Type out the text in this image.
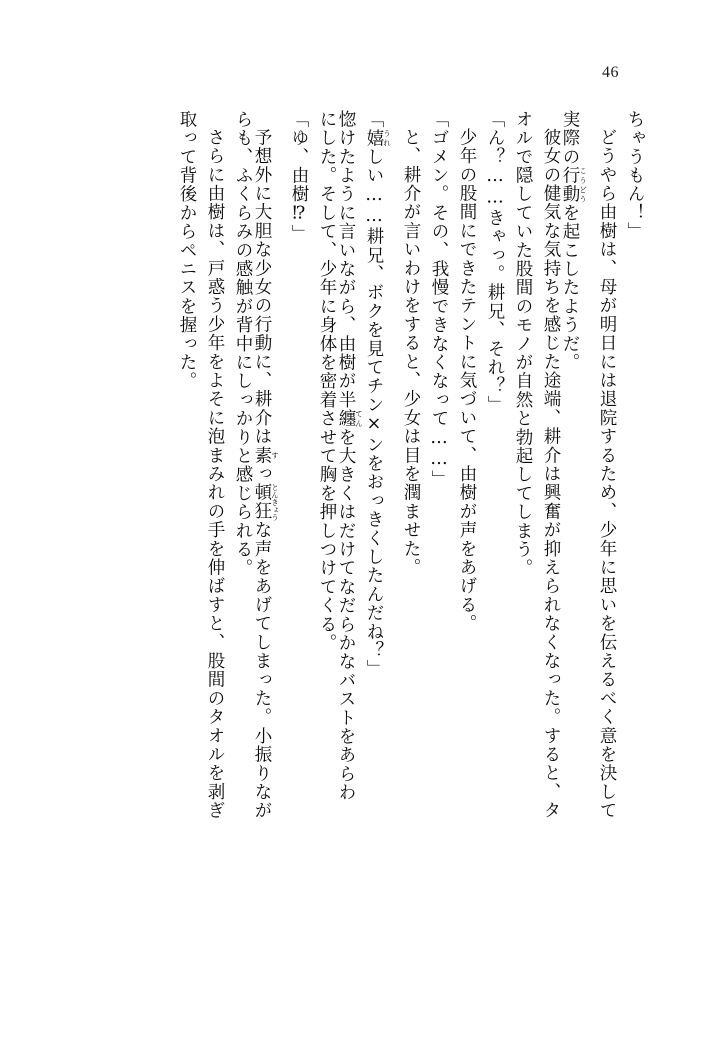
46
ちゃうもん！」
どうやら由樹は、母が明日には退院するため、少年に思いを伝えるべく意を決して
実際の行動こうどうを起こしたようだ。
彼女の健気な気持ちを感じた途端、耕介は興奮が抑えられなくなった。すると、タ
オルで隠していた股間のモノが自然と勃起してしまう。
「ん？……きゃっ。耕兄、それ？」
少年の股間にできたテントに気づいて、由樹が声をあげる。
「ゴメン。その、我慢できなくなって……」
と、耕介が言いわけをすると、少女は目を潤ませた。
「嬉うれしい……耕兄、ボクを見てチン×ンをおっきくしたんだね？」
惚けたように言いながら、由樹が半纏てんを大きくはだけてなだらかなバストをあらわ
にした。そして、少年に身体を密着させて胸を押しつけてくる。
「ゆ、由樹⁉」
予想外に大胆な少女の行動に、耕介は素すっ頓狂とんきょうな声をあげてしまった。小振りなが
らも、ふくらみの感触が背中にしっかりと感じられる。
さらに由樹は、戸惑う少年をよそに泡まみれの手を伸ばすと、股間のタオルを剥ぎ
取って背後からペニスを握った。
